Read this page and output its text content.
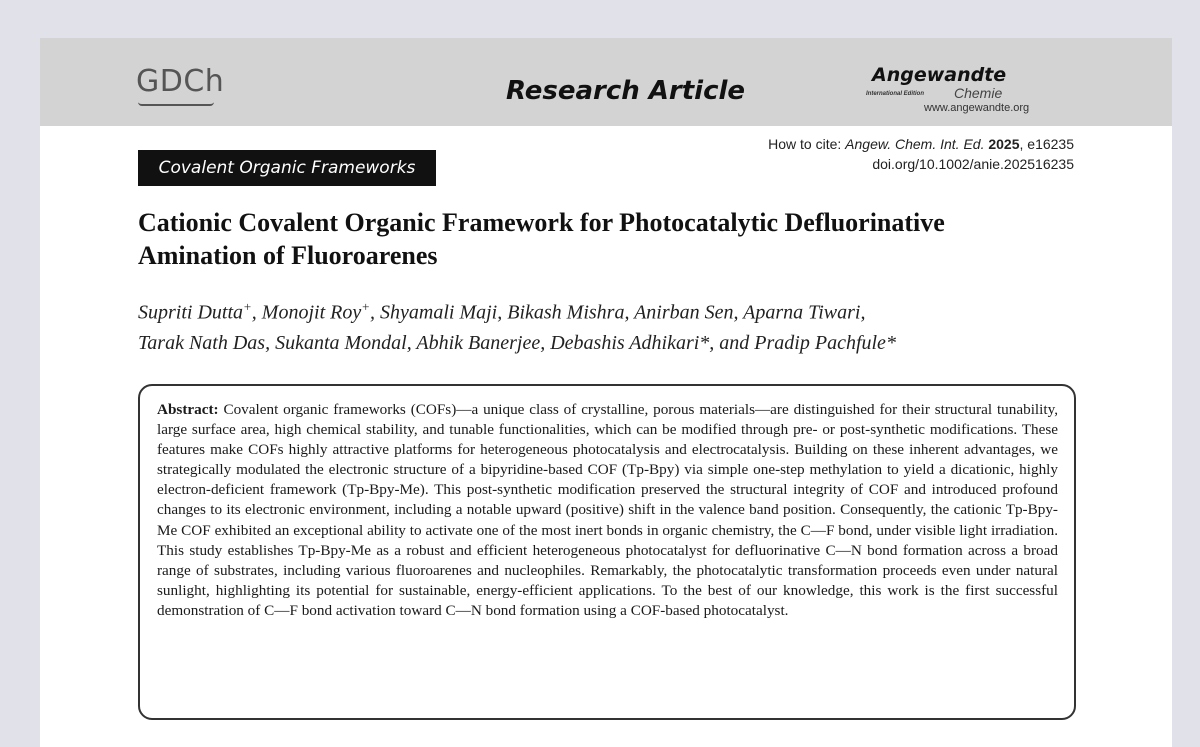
GDCh	Research Article
Angewandte
International Edition Chemie
www.angewandte.org
How to cite: Angew. Chem. Int. Ed. 2025, e16235
doi.org/10.1002/anie.202516235
Covalent Organic Frameworks
Cationic Covalent Organic Framework for Photocatalytic Defluorinative Amination of Fluoroarenes
Supriti Dutta+, Monojit Roy+, Shyamali Maji, Bikash Mishra, Anirban Sen, Aparna Tiwari,
Tarak Nath Das, Sukanta Mondal, Abhik Banerjee, Debashis Adhikari*, and Pradip Pachfule*

Abstract: Covalent organic frameworks (COFs)—a unique class of crystalline, porous materials—are distinguished for their structural tunability, large surface area, high chemical stability, and tunable functionalities, which can be modified through pre- or post-synthetic modifications. These features make COFs highly attractive platforms for heterogeneous photocatalysis and electrocatalysis. Building on these inherent advantages, we strategically modulated the electronic structure of a bipyridine-based COF (Tp-Bpy) via simple one-step methylation to yield a dicationic, highly electron-deficient framework (Tp-Bpy-Me). This post-synthetic modification preserved the structural integrity of COF and introduced profound changes to its electronic environment, including a notable upward (positive) shift in the valence band position. Consequently, the cationic Tp-Bpy-Me COF exhibited an exceptional ability to activate one of the most inert bonds in organic chemistry, the C—F bond, under visible light irradiation. This study establishes Tp-Bpy-Me as a robust and efficient heterogeneous photocatalyst for defluorinative C—N bond formation across a broad range of substrates, including various fluoroarenes and nucleophiles. Remarkably, the photocatalytic transformation proceeds even under natural sunlight, highlighting its potential for sustainable, energy-efficient applications. To the best of our knowledge, this work is the first successful demonstration of C—F bond activation toward C—N bond formation using a COF-based photocatalyst.
